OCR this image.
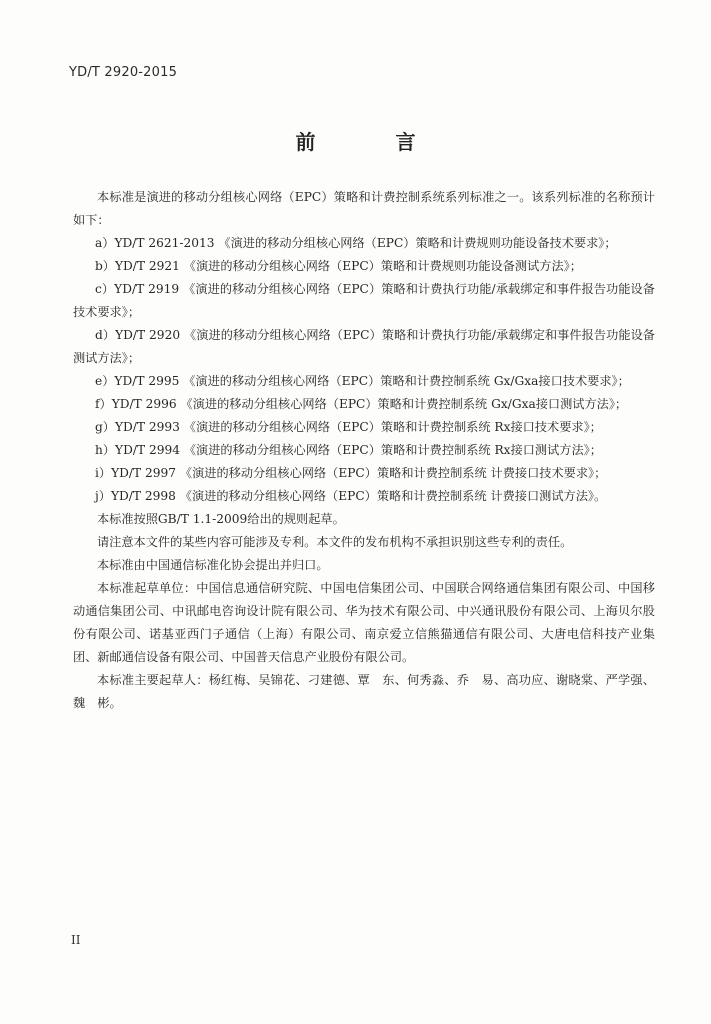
YD/T 2920-2015
前　言

本标准是演进的移动分组核心网络（EPC）策略和计费控制系统系列标准之一。该系列标准的名称预计如下：

a）YD/T 2621-2013 《演进的移动分组核心网络（EPC）策略和计费规则功能设备技术要求》；

b）YD/T 2921 《演进的移动分组核心网络（EPC）策略和计费规则功能设备测试方法》；

c）YD/T 2919 《演进的移动分组核心网络（EPC）策略和计费执行功能/承载绑定和事件报告功能设备技术要求》；

d）YD/T 2920 《演进的移动分组核心网络（EPC）策略和计费执行功能/承载绑定和事件报告功能设备测试方法》；

e）YD/T 2995 《演进的移动分组核心网络（EPC）策略和计费控制系统 Gx/Gxa接口技术要求》；

f）YD/T 2996 《演进的移动分组核心网络（EPC）策略和计费控制系统 Gx/Gxa接口测试方法》；

g）YD/T 2993 《演进的移动分组核心网络（EPC）策略和计费控制系统 Rx接口技术要求》；

h）YD/T 2994 《演进的移动分组核心网络（EPC）策略和计费控制系统 Rx接口测试方法》；

i）YD/T 2997 《演进的移动分组核心网络（EPC）策略和计费控制系统 计费接口技术要求》；

j）YD/T 2998 《演进的移动分组核心网络（EPC）策略和计费控制系统 计费接口测试方法》。

本标准按照GB/T 1.1-2009给出的规则起草。

请注意本文件的某些内容可能涉及专利。本文件的发布机构不承担识别这些专利的责任。

本标准由中国通信标准化协会提出并归口。

本标准起草单位：中国信息通信研究院、中国电信集团公司、中国联合网络通信集团有限公司、中国移动通信集团公司、中讯邮电咨询设计院有限公司、华为技术有限公司、中兴通讯股份有限公司、上海贝尔股份有限公司、诺基亚西门子通信（上海）有限公司、南京爱立信熊猫通信有限公司、大唐电信科技产业集团、新邮通信设备有限公司、中国普天信息产业股份有限公司。

本标准主要起草人：杨红梅、吴锦花、刁建德、覃　东、何秀淼、乔　易、高功应、谢晓棠、严学强、魏　彬。

II
